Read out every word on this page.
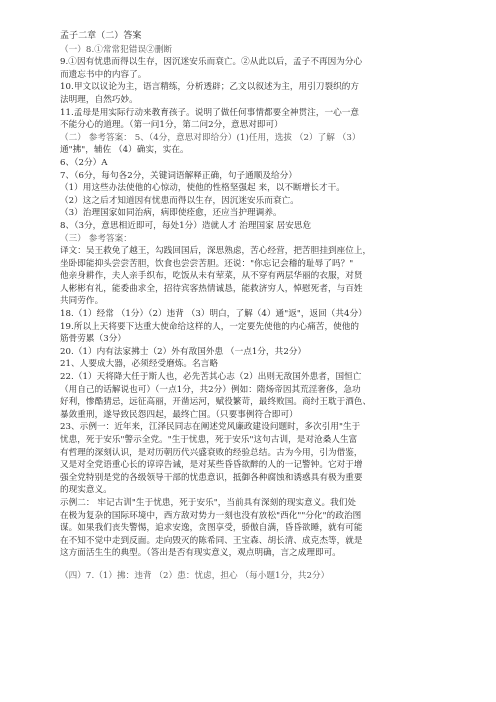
孟子二章（二）答案
（一）8.①常常犯错误②删断
9.①因有忧患而得以生存，因沉迷安乐而衰亡。②从此以后，孟子不再因为分心
而遗忘书中的内容了。
10.甲文以议论为主，语言精练，分析透辟；乙文以叙述为主，用引刀裂织的方
法明理，自然巧妙。
11.孟母是用实际行动来教育孩子。说明了做任何事情都要全神贯注，一心一意
不能分心的道理。（第一问1分，第二问2分，意思对即可）
（二） 参考答案： 5、（4分，意思对即给分）(1)任用，选拔 （2）了解 （3）
通"拂"，辅佐 （4）确实，实在。
6、（2分）A
7、（6分，每句各2分，关键词语解释正确，句子通顺及给分）
（1）用这些办法使他的心惊动，使他的性格坚强起 来，以不断增长才干。
（2）这之后才知道因有忧患而得以生存，因沉迷安乐而衰亡。
（3）治理国家如同治病，病即使痊愈，还应当护理调养。
8、（3分，意思相近即可，每处1分）造就人才 治理国家 居安思危
（三） 参考答案：
译文：吴王救免了越王，勾践回国后，深思熟虑，苦心经营，把苦胆挂到座位上，
坐卧即能抑头尝尝苦胆，饮食也尝尝苦胆。还说："你忘记会稽的耻辱了吗？"
他亲身耕作，夫人亲手织布，吃饭从未有荤菜，从不穿有两层华丽的衣服，对贤
人彬彬有礼，能委曲求全，招待宾客热情诚恳，能救济穷人，悼慰死者，与百姓
共同劳作。
18.（1）经常 （1分）（2）违背 （3）明白，了解（4）通"返"，返回（共4分）
19.所以上天将要下达重大使命给这样的人，一定要先使他的内心痛苦，使他的
筋骨劳累（3分）
20.（1）内有法家拂士（2）外有敌国外患 （一点1分，共2分）
21、人要成大器，必须经受磨炼。名言略
22.（1）天将降大任于斯人也，必先苦其心志（2）出则无敌国外患者，国恒亡
（用自己的话解说也可）（一点1分，共2分）例如：隋炀帝因其荒淫奢侈，急功
好利，惨酷猜忌，远征高丽，开凿运河，赋役繁苛，最终败国。商纣王耽于酒色、
暴敛重刑，遂导致民怨四起，最终亡国。（只要事例符合即可）
23、示例一：近年来，江泽民同志在阐述党风廉政建设问题时，多次引用"生于
忧患，死于安乐"警示全党。"生于忧患，死于安乐"这句古训，是对沧桑人生富
有哲理的深刻认识，是对历朝历代兴盛衰败的经验总结。古为今用，引为借鉴，
又是对全党语重心长的谆谆告诫，是对某些昏昏欲醉的人的一记警钟。它对于增
强全党特别是党的各级领导干部的忧患意识，抵御各种腐蚀和诱惑具有极为重要
的现实意义。
示例二： 牢记古训"生于忧患，死于安乐"，当前具有深刻的现实意义。我们处
在极为复杂的国际环境中，西方敌对势力一刻也没有放松"西化""分化"的政治图
谋。如果我们丧失警惕，追求安逸，贪图享受，骄傲自满，昏昏欲睡，就有可能
在不知不觉中走到反面。走向毁灭的陈希同、王宝森、胡长清、成克杰等，就是
这方面活生生的典型。（答出是否有现实意义，观点明确，言之成理即可。
（四）7.（1）拂：违背 （2）患：忧虑，担心 （每小题1分，共2分）
